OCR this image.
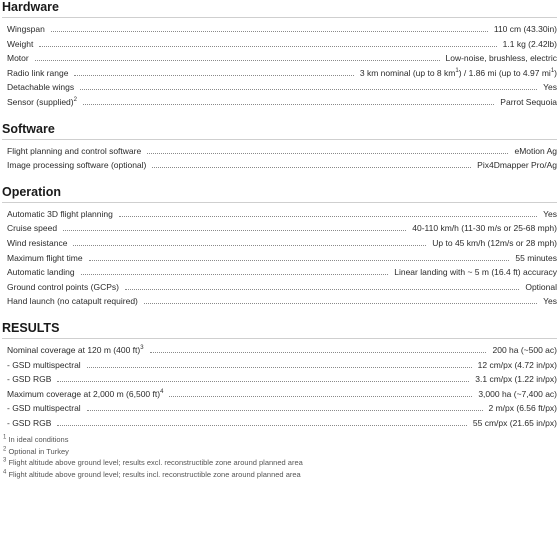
Hardware
Wingspan	110 cm (43.30in)
Weight	1.1 kg (2.42lb)
Motor	Low-noise, brushless, electric
Radio link range	3 km nominal (up to 8 $km^1) / 1.86$ mi (up to 4.97 $mi^1$)
Detachable wings	Yes
Sensor (supplied)$^2$	Parrot Sequoia
Software
Flight planning and control software	eMotion Ag
Image processing software (optional)	Pix4Dmapper Pro/Ag
Operation
Automatic 3D flight planning	Yes
Cruise speed	40-110 km/h (11-30 m/s or 25-68 mph)
Wind resistance	Up to 45 km/h (12m/s or 28 mph)
Maximum flight time	55 minutes
Automatic landing	Linear landing with ~ 5 m (16.4 ft) accuracy
Ground control points (GCPs)	Optional
Hand launch (no catapult required)	Yes
RESULTS
Nominal coverage at 120 m (400 ft)$^3$	200 ha (~500 ac)
- GSD multispectral	12 cm/px (4.72 in/px)
- GSD RGB	3.1 cm/px (1.22 in/px)
Maximum coverage at 2,000 m (6,500 ft)$^4$	3,000 ha (~7,400 ac)
- GSD multispectral	2 m/px (6.56 ft/px)
- GSD RGB	55 cm/px (21.65 in/px)
$^1$ In ideal conditions
$^2$ Optional in Turkey
$^3$ Flight altitude above ground level; results excl. reconstructible zone around planned area
$^4$ Flight altitude above ground level; results incl. reconstructible zone around planned area
